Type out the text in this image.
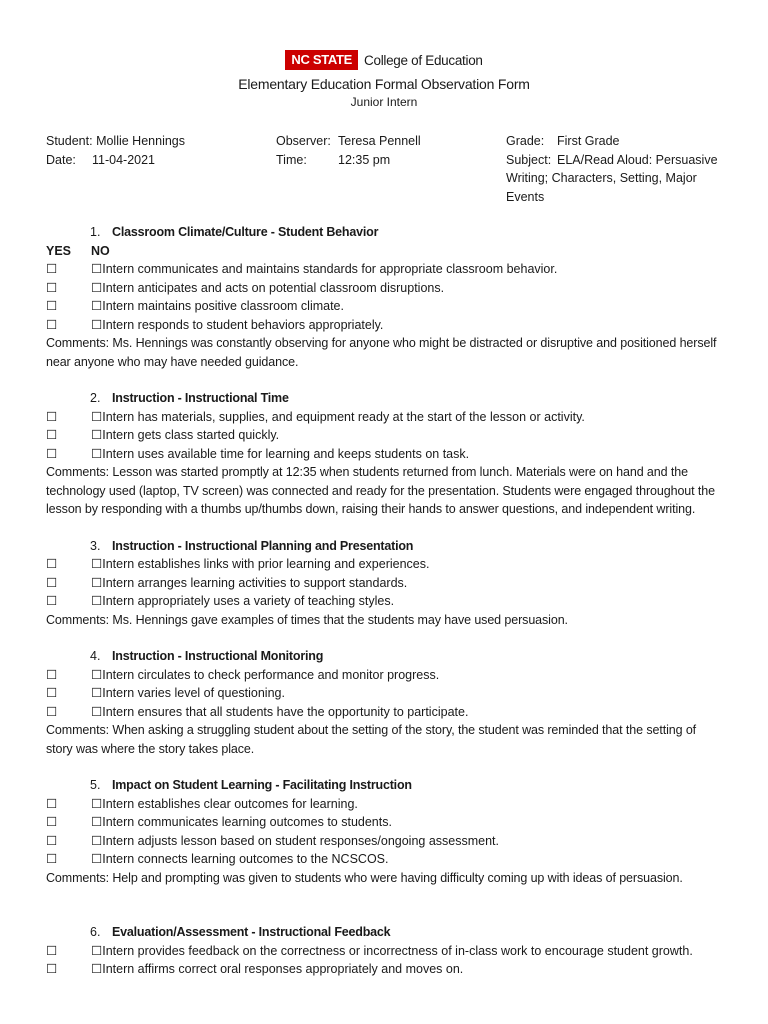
NC STATE College of Education
Elementary Education Formal Observation Form
Junior Intern
Student: Mollie Hennings
Date: 11-04-2021
Observer: Teresa Pennell
Time: 12:35 pm
Grade: First Grade
Subject: ELA/Read Aloud: Persuasive
Writing; Characters, Setting, Major
Events
1. Classroom Climate/Culture - Student Behavior
YES NO
☐	☐Intern communicates and maintains standards for appropriate classroom behavior.
☐	☐Intern anticipates and acts on potential classroom disruptions.
☐	☐Intern maintains positive classroom climate.
☐	☐Intern responds to student behaviors appropriately.
Comments: Ms. Hennings was constantly observing for anyone who might be distracted or disruptive and positioned herself
near anyone who may have needed guidance.
2. Instruction - Instructional Time
☐	☐Intern has materials, supplies, and equipment ready at the start of the lesson or activity.
☐	☐Intern gets class started quickly.
☐	☐Intern uses available time for learning and keeps students on task.
Comments: Lesson was started promptly at 12:35 when students returned from lunch. Materials were on hand and the
technology used (laptop, TV screen) was connected and ready for the presentation. Students were engaged throughout the
lesson by responding with a thumbs up/thumbs down, raising their hands to answer questions, and independent writing.
3. Instruction - Instructional Planning and Presentation
☐	☐Intern establishes links with prior learning and experiences.
☐	☐Intern arranges learning activities to support standards.
☐	☐Intern appropriately uses a variety of teaching styles.
Comments: Ms. Hennings gave examples of times that the students may have used persuasion.
4. Instruction - Instructional Monitoring
☐	☐Intern circulates to check performance and monitor progress.
☐	☐Intern varies level of questioning.
☐	☐Intern ensures that all students have the opportunity to participate.
Comments: When asking a struggling student about the setting of the story, the student was reminded that the setting of
story was where the story takes place.
5. Impact on Student Learning - Facilitating Instruction
☐	☐Intern establishes clear outcomes for learning.
☐	☐Intern communicates learning outcomes to students.
☐	☐Intern adjusts lesson based on student responses/ongoing assessment.
☐	☐Intern connects learning outcomes to the NCSCOS.
Comments: Help and prompting was given to students who were having difficulty coming up with ideas of persuasion.
6. Evaluation/Assessment - Instructional Feedback
☐	☐Intern provides feedback on the correctness or incorrectness of in-class work to encourage student growth.
☐	☐Intern affirms correct oral responses appropriately and moves on.
